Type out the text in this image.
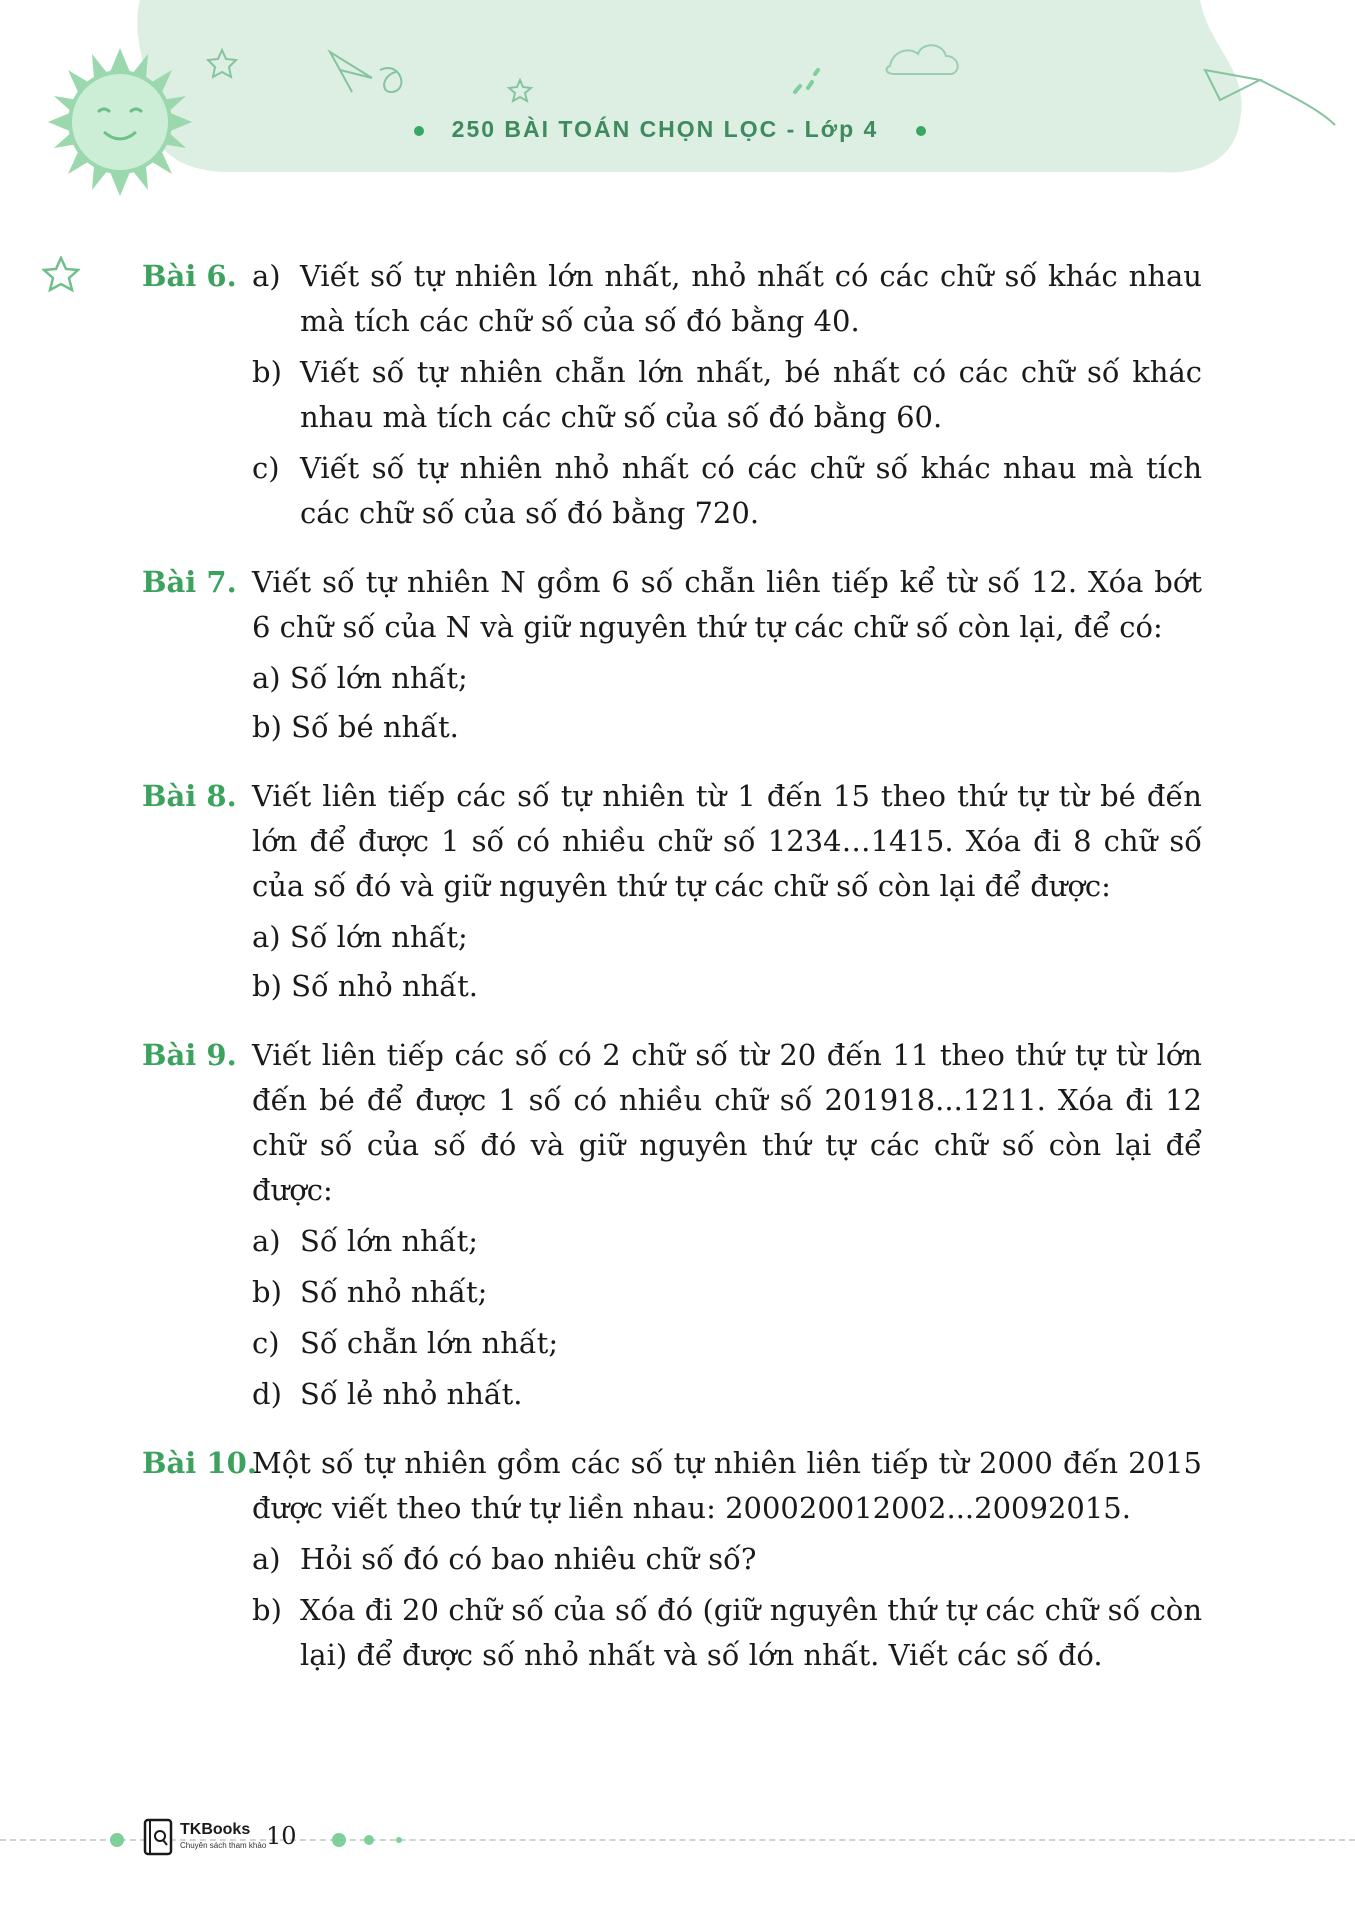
250 BÀI TOÁN CHỌN LỌC - Lớp 4
Bài 6. a) Viết số tự nhiên lớn nhất, nhỏ nhất có các chữ số khác nhau mà tích các chữ số của số đó bằng 40.
b) Viết số tự nhiên chẵn lớn nhất, bé nhất có các chữ số khác nhau mà tích các chữ số của số đó bằng 60.
c) Viết số tự nhiên nhỏ nhất có các chữ số khác nhau mà tích các chữ số của số đó bằng 720.
Bài 7. Viết số tự nhiên N gồm 6 số chẵn liên tiếp kể từ số 12. Xóa bớt 6 chữ số của N và giữ nguyên thứ tự các chữ số còn lại, để có:

a) Số lớn nhất;
b) Số bé nhất.
Bài 8. Viết liên tiếp các số tự nhiên từ 1 đến 15 theo thứ tự từ bé đến lớn để được 1 số có nhiều chữ số 1234…1415. Xóa đi 8 chữ số của số đó và giữ nguyên thứ tự các chữ số còn lại để được:

a) Số lớn nhất;
b) Số nhỏ nhất.
Bài 9. Viết liên tiếp các số có 2 chữ số từ 20 đến 11 theo thứ tự từ lớn đến bé để được 1 số có nhiều chữ số 201918...1211. Xóa đi 12 chữ số của số đó và giữ nguyên thứ tự các chữ số còn lại để được:

a) Số lớn nhất;
b) Số nhỏ nhất;
c) Số chẵn lớn nhất;
d) Số lẻ nhỏ nhất.
Bài 10.

Một số tự nhiên gồm các số tự nhiên liên tiếp từ 2000 đến 2015 được viết theo thứ tự liền nhau: 200020012002...20092015.

a) Hỏi số đó có bao nhiêu chữ số?
b) Xóa đi 20 chữ số của số đó (giữ nguyên thứ tự các chữ số còn lại) để được số nhỏ nhất và số lớn nhất. Viết các số đó.
TKBooks
Chuyên sách tham khảo 10
